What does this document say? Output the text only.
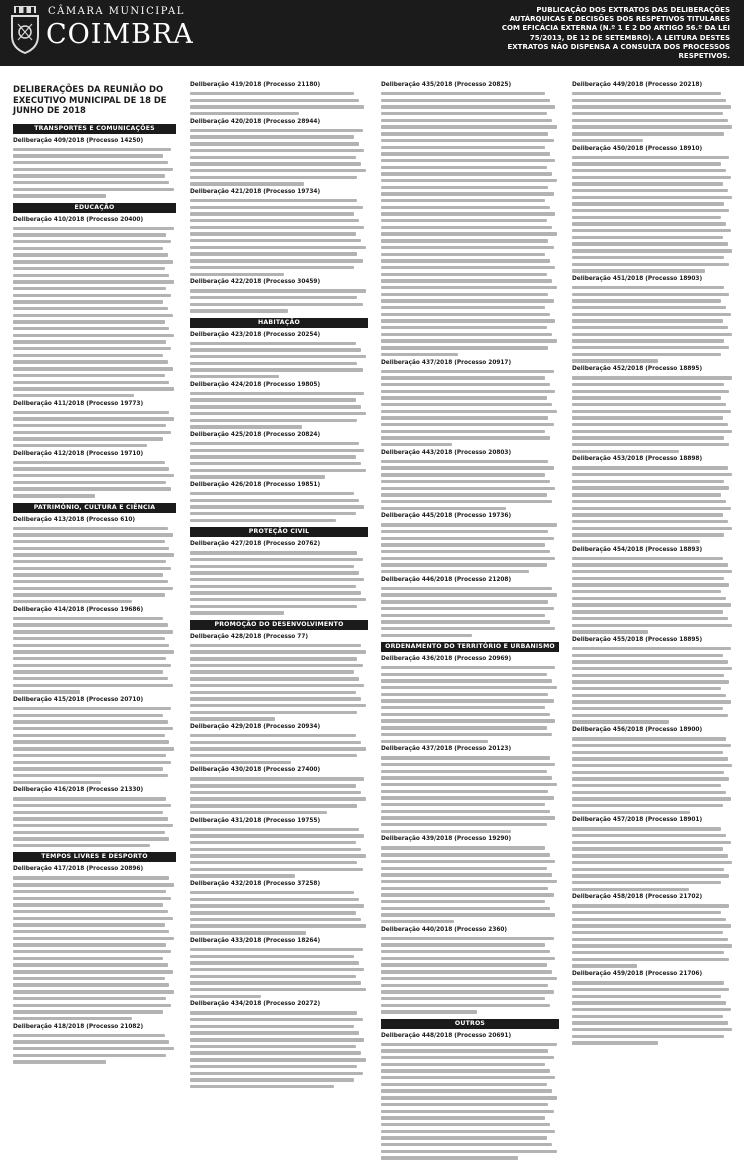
CÂMARA MUNICIPAL
COIMBRA
PUBLICAÇÃO DOS EXTRATOS DAS DELIBERAÇÕES AUTÁRQUICAS E DECISÕES DOS RESPETIVOS TITULARES COM EFICÁCIA EXTERNA (N.º 1 E 2 DO ARTIGO 56.º DA LEI 75/2013, DE 12 DE SETEMBRO). A LEITURA DESTES EXTRATOS NÃO DISPENSA A CONSULTA DOS PROCESSOS RESPETIVOS.
DELIBERAÇÕES DA REUNIÃO DO EXECUTIVO MUNICIPAL DE 18 DE JUNHO DE 2018
TRANSPORTES E COMUNICAÇÕES
Deliberação 409/2018 (Processo 14250)
EDUCAÇÃO
Deliberação 410/2018 (Processo 20400)
Deliberação 411/2018 (Processo 19773)
Deliberação 412/2018 (Processo 19710)
PATRIMÓNIO, CULTURA E CIÊNCIA
Deliberação 413/2018 (Processo 610)
Deliberação 414/2018 (Processo 19686)
Deliberação 415/2018 (Processo 20710)
Deliberação 416/2018 (Processo 21330)
TEMPOS LIVRES E DESPORTO
Deliberação 417/2018 (Processo 20896)
Deliberação 418/2018 (Processo 21082)
Deliberação 419/2018 (Processo 21180)
Deliberação 420/2018 (Processo 28944)
Deliberação 421/2018 (Processo 19734)
Deliberação 422/2018 (Processo 30459)
HABITAÇÃO
Deliberação 423/2018 (Processo 20254)
Deliberação 424/2018 (Processo 19805)
Deliberação 425/2018 (Processo 20824)
Deliberação 426/2018 (Processo 19851)
PROTEÇÃO CIVIL
Deliberação 427/2018 (Processo 20762)
PROMOÇÃO DO DESENVOLVIMENTO
Deliberação 428/2018 (Processo 77)
Deliberação 429/2018 (Processo 20934)
Deliberação 430/2018 (Processo 27400)
Deliberação 431/2018 (Processo 19755)
Deliberação 432/2018 (Processo 37258)
Deliberação 433/2018 (Processo 18264)
Deliberação 434/2018 (Processo 20272)
Deliberação 435/2018 (Processo 20825)
Deliberação 437/2018 (Processo 20917)
Deliberação 443/2018 (Processo 20803)
Deliberação 445/2018 (Processo 19736)
Deliberação 446/2018 (Processo 21208)
ORDENAMENTO DO TERRITÓRIO E URBANISMO
Deliberação 436/2018 (Processo 20969)
Deliberação 437/2018 (Processo 20123)
Deliberação 439/2018 (Processo 19290)
Deliberação 440/2018 (Processo 2360)
OUTROS
Deliberação 448/2018 (Processo 20691)
Deliberação 449/2018 (Processo 20218)
Deliberação 450/2018 (Processo 18910)
Deliberação 451/2018 (Processo 18903)
Deliberação 452/2018 (Processo 18895)
Deliberação 453/2018 (Processo 18898)
Deliberação 454/2018 (Processo 18893)
Deliberação 455/2018 (Processo 18895)
Deliberação 456/2018 (Processo 18900)
Deliberação 457/2018 (Processo 18901)
Deliberação 458/2018 (Processo 21702)
Deliberação 459/2018 (Processo 21706)
